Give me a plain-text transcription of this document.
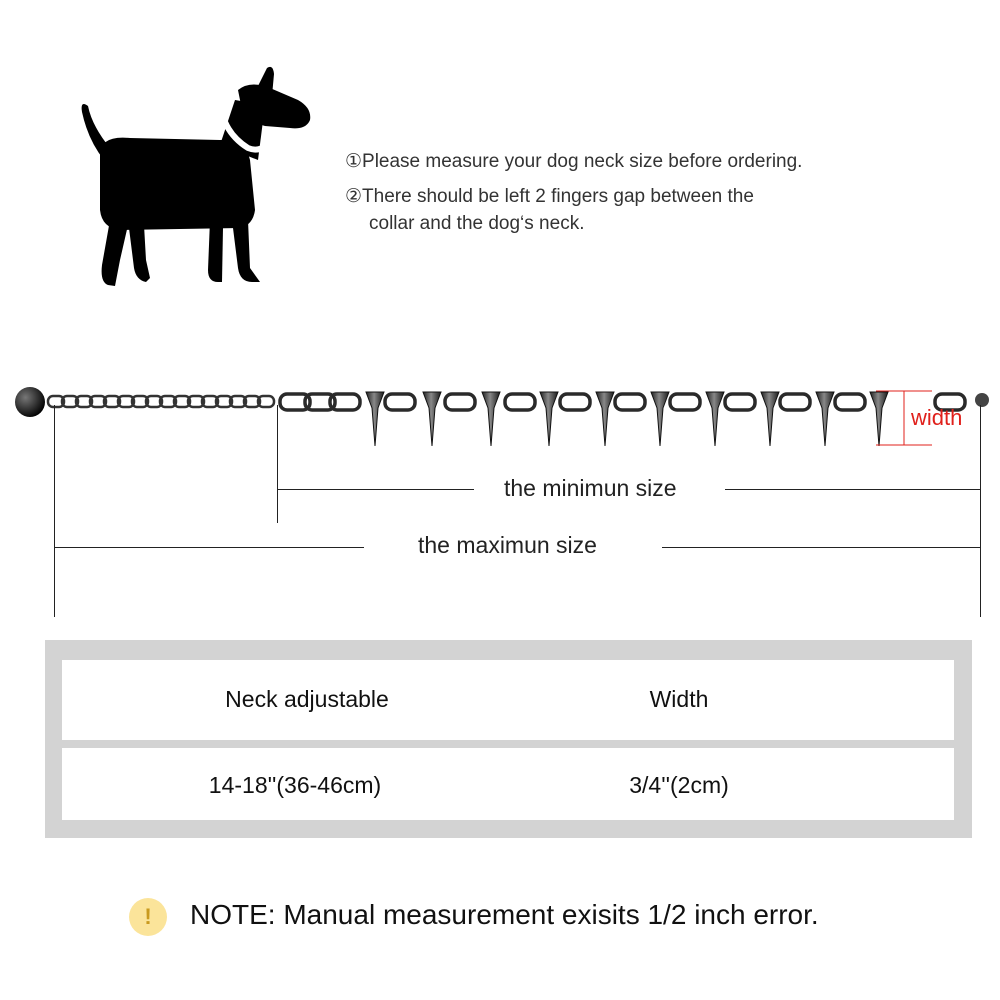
①Please measure your dog neck size before ordering.
②There should be left 2 fingers gap between the
collar and the dog‘s neck.
width
the minimun size
the maximun size
Neck adjustable	Width
14-18''(36-46cm)	3/4''(2cm)
!	NOTE: Manual measurement exisits 1/2 inch error.
